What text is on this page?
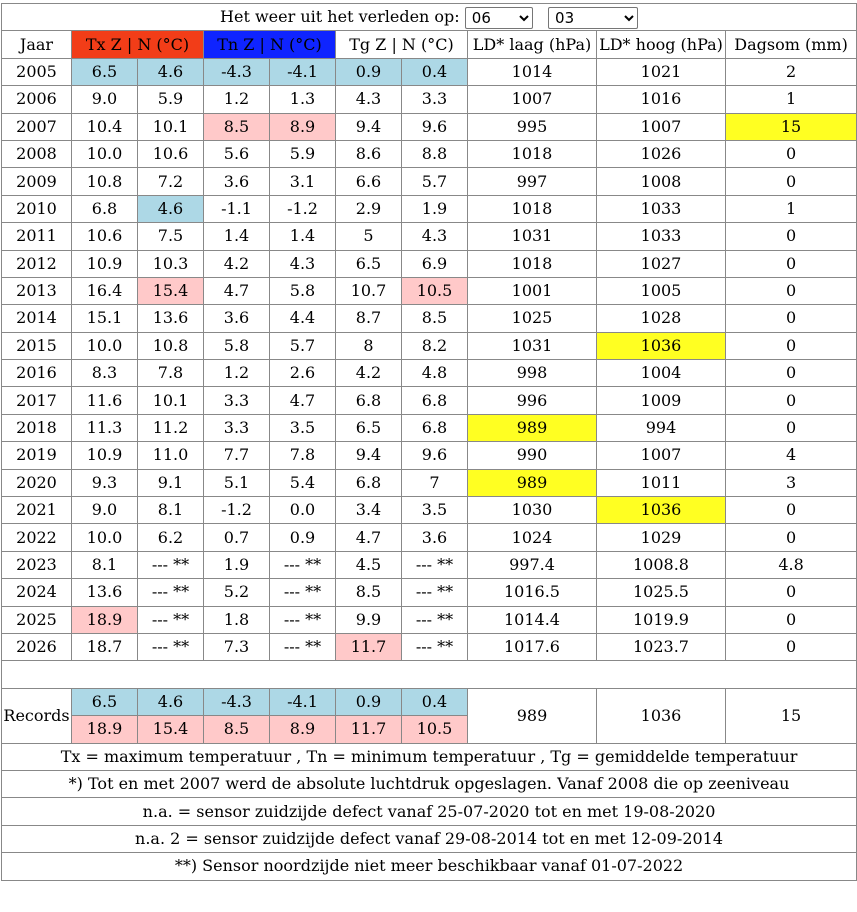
Het weer uit het verleden op:
06
03
Jaar	Tx Z | N (°C)		Tn Z | N (°C)		Tg Z | N (°C)		LD* laag (hPa)	LD* hoog (hPa)	Dagsom (mm)
2005	6.5	4.6	-4.3	-4.1	0.9	0.4	1014	1021	2
2006	9.0	5.9	1.2	1.3	4.3	3.3	1007	1016	1
2007	10.4	10.1	8.5	8.9	9.4	9.6	995	1007	15
2008	10.0	10.6	5.6	5.9	8.6	8.8	1018	1026	0
2009	10.8	7.2	3.6	3.1	6.6	5.7	997	1008	0
2010	6.8	4.6	-1.1	-1.2	2.9	1.9	1018	1033	1
2011	10.6	7.5	1.4	1.4	5	4.3	1031	1033	0
2012	10.9	10.3	4.2	4.3	6.5	6.9	1018	1027	0
2013	16.4	15.4	4.7	5.8	10.7	10.5	1001	1005	0
2014	15.1	13.6	3.6	4.4	8.7	8.5	1025	1028	0
2015	10.0	10.8	5.8	5.7	8	8.2	1031	1036	0
2016	8.3	7.8	1.2	2.6	4.2	4.8	998	1004	0
2017	11.6	10.1	3.3	4.7	6.8	6.8	996	1009	0
2018	11.3	11.2	3.3	3.5	6.5	6.8	989	994	0
2019	10.9	11.0	7.7	7.8	9.4	9.6	990	1007	4
2020	9.3	9.1	5.1	5.4	6.8	7	989	1011	3
2021	9.0	8.1	-1.2	0.0	3.4	3.5	1030	1036	0
2022	10.0	6.2	0.7	0.9	4.7	3.6	1024	1029	0
2023	8.1	--- **	1.9	--- **	4.5	--- **	997.4	1008.8	4.8
2024	13.6	--- **	5.2	--- **	8.5	--- **	1016.5	1025.5	0
2025	18.9	--- **	1.8	--- **	9.9	--- **	1014.4	1019.9	0
2026	18.7	--- **	7.3	--- **	11.7	--- **	1017.6	1023.7	0

Records	6.5	4.6	-4.3	-4.1	0.9	0.4	989	1036	15
	18.9	15.4	8.5	8.9	11.7	10.5			
Tx = maximum temperatuur , Tn = minimum temperatuur , Tg = gemiddelde temperatuur									
*) Tot en met 2007 werd de absolute luchtdruk opgeslagen. Vanaf 2008 die op zeeniveau									
n.a. = sensor zuidzijde defect vanaf 25-07-2020 tot en met 19-08-2020									
n.a. 2 = sensor zuidzijde defect vanaf 29-08-2014 tot en met 12-09-2014									
**) Sensor noordzijde niet meer beschikbaar vanaf 01-07-2022									
